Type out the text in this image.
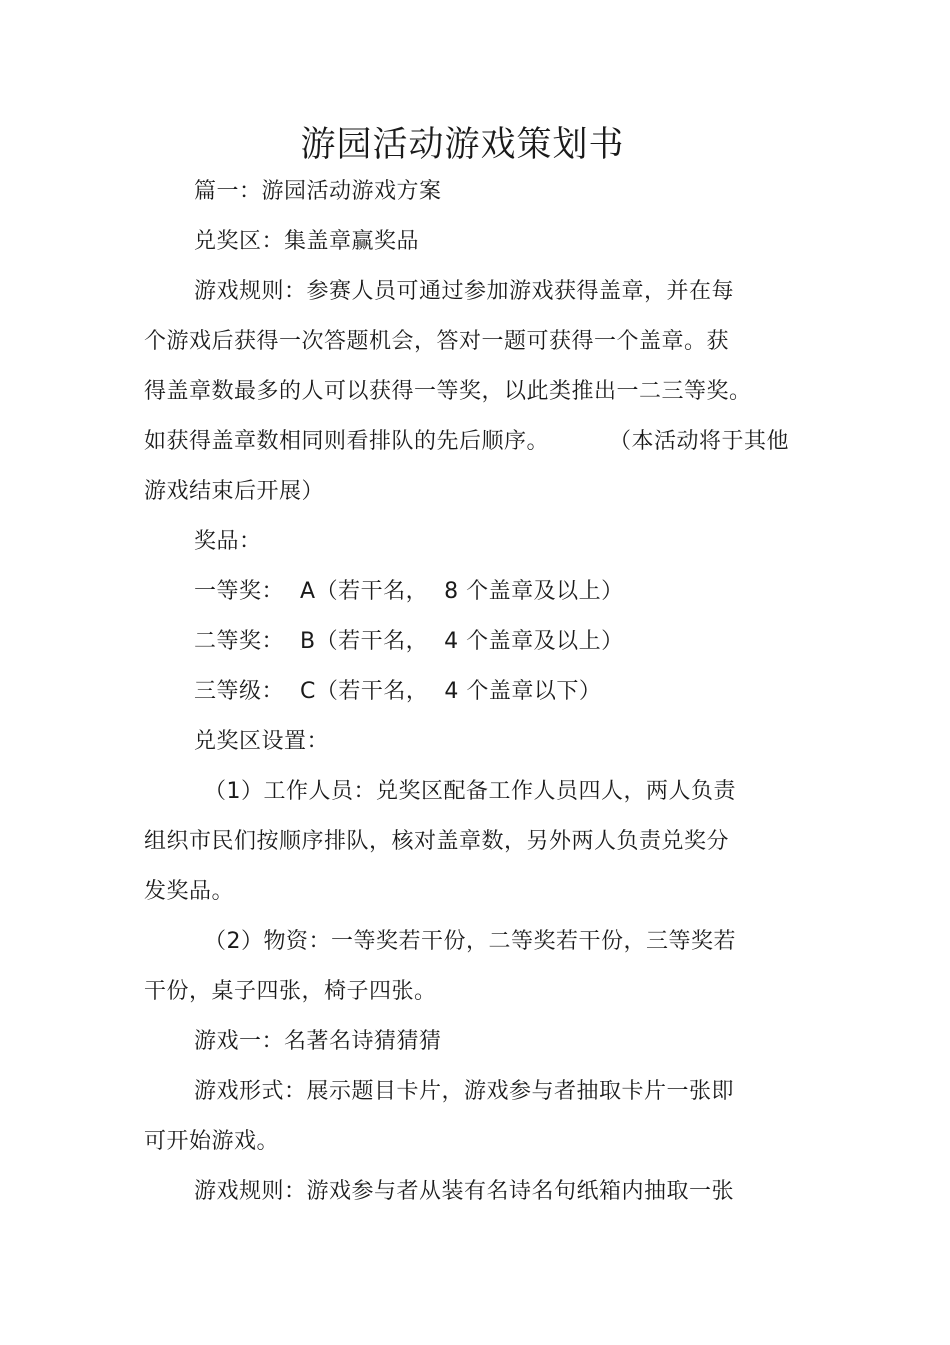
游园活动游戏策划书
篇一：游园活动游戏方案
兑奖区：集盖章赢奖品
游戏规则：参赛人员可通过参加游戏获得盖章，并在每
个游戏后获得一次答题机会，答对一题可获得一个盖章。获
得盖章数最多的人可以获得一等奖，以此类推出一二三等奖。
如获得盖章数相同则看排队的先后顺序。	（本活动将于其他
游戏结束后开展）
奖品：
一等奖： A（若干名， 8 个盖章及以上）
二等奖： B（若干名， 4 个盖章及以上）
三等级： C（若干名， 4 个盖章以下）
兑奖区设置：
（1）工作人员：兑奖区配备工作人员四人，两人负责
组织市民们按顺序排队，核对盖章数，另外两人负责兑奖分
发奖品。
（2）物资：一等奖若干份，二等奖若干份，三等奖若
干份，桌子四张，椅子四张。
游戏一：名著名诗猜猜猜
游戏形式：展示题目卡片，游戏参与者抽取卡片一张即
可开始游戏。
游戏规则：游戏参与者从装有名诗名句纸箱内抽取一张
